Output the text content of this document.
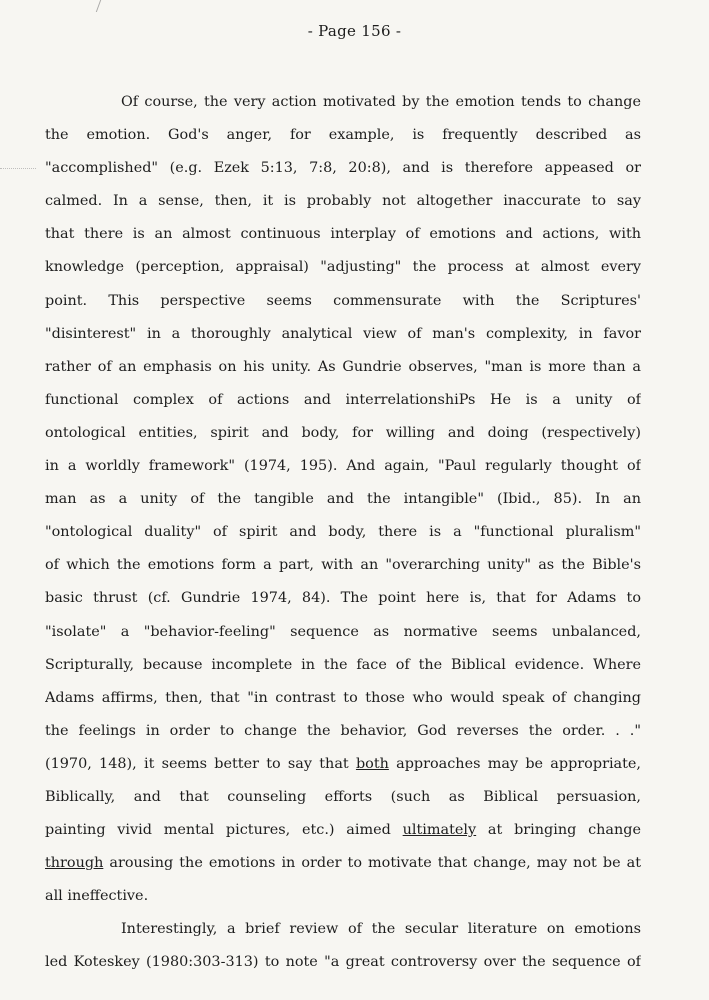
- Page 156 -
Of course, the very action motivated by the emotion tends to change
the emotion. God's anger, for example, is frequently described as
"accomplished" (e.g. Ezek 5:13, 7:8, 20:8), and is therefore appeased or
calmed. In a sense, then, it is probably not altogether inaccurate to say
that there is an almost continuous interplay of emotions and actions, with
knowledge (perception, appraisal) "adjusting" the process at almost every
point. This perspective seems commensurate with the Scriptures'
"disinterest" in a thoroughly analytical view of man's complexity, in favor
rather of an emphasis on his unity. As Gundrie observes, "man is more than a
functional complex of actions and interrelationshiPs He is a unity of
ontological entities, spirit and body, for willing and doing (respectively)
in a worldly framework" (1974, 195). And again, "Paul regularly thought of
man as a unity of the tangible and the intangible" (Ibid., 85). In an
"ontological duality" of spirit and body, there is a "functional pluralism"
of which the emotions form a part, with an "overarching unity" as the Bible's
basic thrust (cf. Gundrie 1974, 84). The point here is, that for Adams to
"isolate" a "behavior-feeling" sequence as normative seems unbalanced,
Scripturally, because incomplete in the face of the Biblical evidence. Where
Adams affirms, then, that "in contrast to those who would speak of changing
the feelings in order to change the behavior, God reverses the order. . ."
(1970, 148), it seems better to say that both approaches may be appropriate,
Biblically, and that counseling efforts (such as Biblical persuasion,
painting vivid mental pictures, etc.) aimed ultimately at bringing change
through arousing the emotions in order to motivate that change, may not be at
all ineffective.
Interestingly, a brief review of the secular literature on emotions
led Koteskey (1980:303-313) to note "a great controversy over the sequence of
